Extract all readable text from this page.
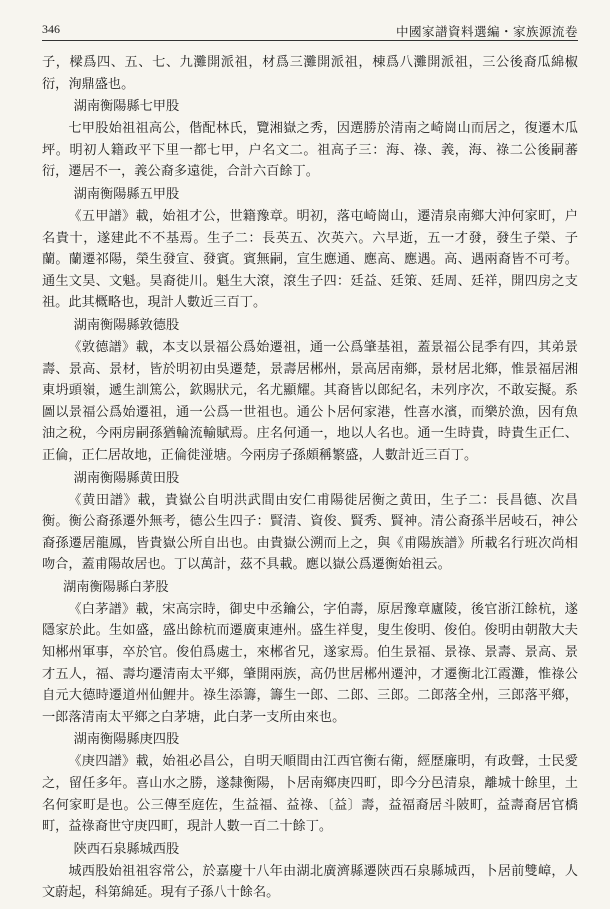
346	中國家譜資料選編・家族源流卷

子，樑爲四、五、七、九灘開派祖，材爲三灘開派祖，棟爲八灘開派祖，三公後裔瓜綿椒衍，洵鼎盛也。

湖南衡陽縣七甲股

七甲股始祖祖高公，偕配林氏，覽湘嶽之秀，因選勝於清南之崎崗山而居之，復遷木瓜坪。明初人籍政平下里一都七甲，户名文二。祖高子三：海、祿、義，海、祿二公後嗣蕃衍，遷居不一，義公裔多遠徙，合計六百餘丁。

湖南衡陽縣五甲股

《五甲譜》載，始祖才公，世籍豫章。明初，落屯崎崗山，遷清泉南鄉大沖何家町，户名貴十，遂建此不不基焉。生子二：長英五、次英六。六早逝，五一才發，發生子榮、子蘭。蘭遷祁陽，榮生發宣、發賓。賓無嗣，宣生應通、應高、應遇。高、遇兩裔皆不可考。通生文昊、文魁。昊裔徙川。魁生大滾，滾生子四：廷益、廷策、廷周、廷祥，開四房之支祖。此其概略也，現計人數近三百丁。

湖南衡陽縣敦德股

《敦德譜》載，本支以景福公爲始遷祖，通一公爲肇基祖，蓋景福公昆季有四，其弟景壽、景高、景材，皆於明初由吳遷楚，景壽居郴州，景高居南鄉，景材居北鄉，惟景福居湘東坍頭嶺，遞生訓篤公，欽賜狀元，名尤顯耀。其裔皆以郎紀名，未列序次，不敢妄擬。系圖以景福公爲始遷祖，通一公爲一世祖也。通公卜居何家港，性喜水濱，而樂於漁，因有魚油之稅，今兩房嗣孫猶輪流輸賦焉。庄名何通一，地以人名也。通一生時貴，時貴生正仁、正倫，正仁居故地，正倫徙湴塘。今兩房子孫頗稱繁盛，人數計近三百丁。

湖南衡陽縣黄田股

《黄田譜》載，貴嶽公自明洪武間由安仁甫陽徙居衡之黄田，生子二：長昌德、次昌衡。衡公裔孫遷外無考，德公生四子：賢清、資俊、賢秀、賢神。清公裔孫半居岐石，神公裔孫遷居龍鳳，皆貴嶽公所自出也。由貴嶽公溯而上之，與《甫陽族譜》所載名行班次尚相吻合，蓋甫陽故居也。丁以萬計，茲不具載。應以嶽公爲遷衡始祖云。

湖南衡陽縣白茅股

《白茅譜》載，宋高宗時，御史中丞鑰公，字伯壽，原居豫章廬陵，後官浙江餘杭，遂隱家於此。生如盛，盛出餘杭而遷廣東連州。盛生祥叟，叟生俊明、俊伯。俊明由朝散大夫知郴州軍事，卒於官。俊伯爲處士，來郴省兄，遂家焉。伯生景福、景祿、景壽、景高、景才五人，福、壽均遷清南太平鄉，肇開兩族，高仍世居郴州遷沖，才遷衡北江霞灘，惟祿公自元大德時遷道州仙鯉井。祿生添籌，籌生一郎、二郎、三郎。二郎落全州，三郎落平鄉，一郎落清南太平鄉之白茅塘，此白茅一支所由來也。

湖南衡陽縣庚四股

《庚四譜》載，始祖必昌公，自明天順間由江西官衡右衛，經歷廉明，有政聲，士民愛之，留任多年。喜山水之勝，遂隸衡陽，卜居南鄉庚四町，即今分邑清泉，離城十餘里，土名何家町是也。公三傳至庭佐，生益福、益祿、〔益〕壽，益福裔居斗陂町，益壽裔居官橋町，益祿裔世守庚四町，現計人數一百二十餘丁。

陝西石泉縣城西股

城西股始祖祖容常公，於嘉慶十八年由湖北廣濟縣遷陝西石泉縣城西，卜居前雙嶂，人文蔚起，科第綿延。現有子孫八十餘名。
